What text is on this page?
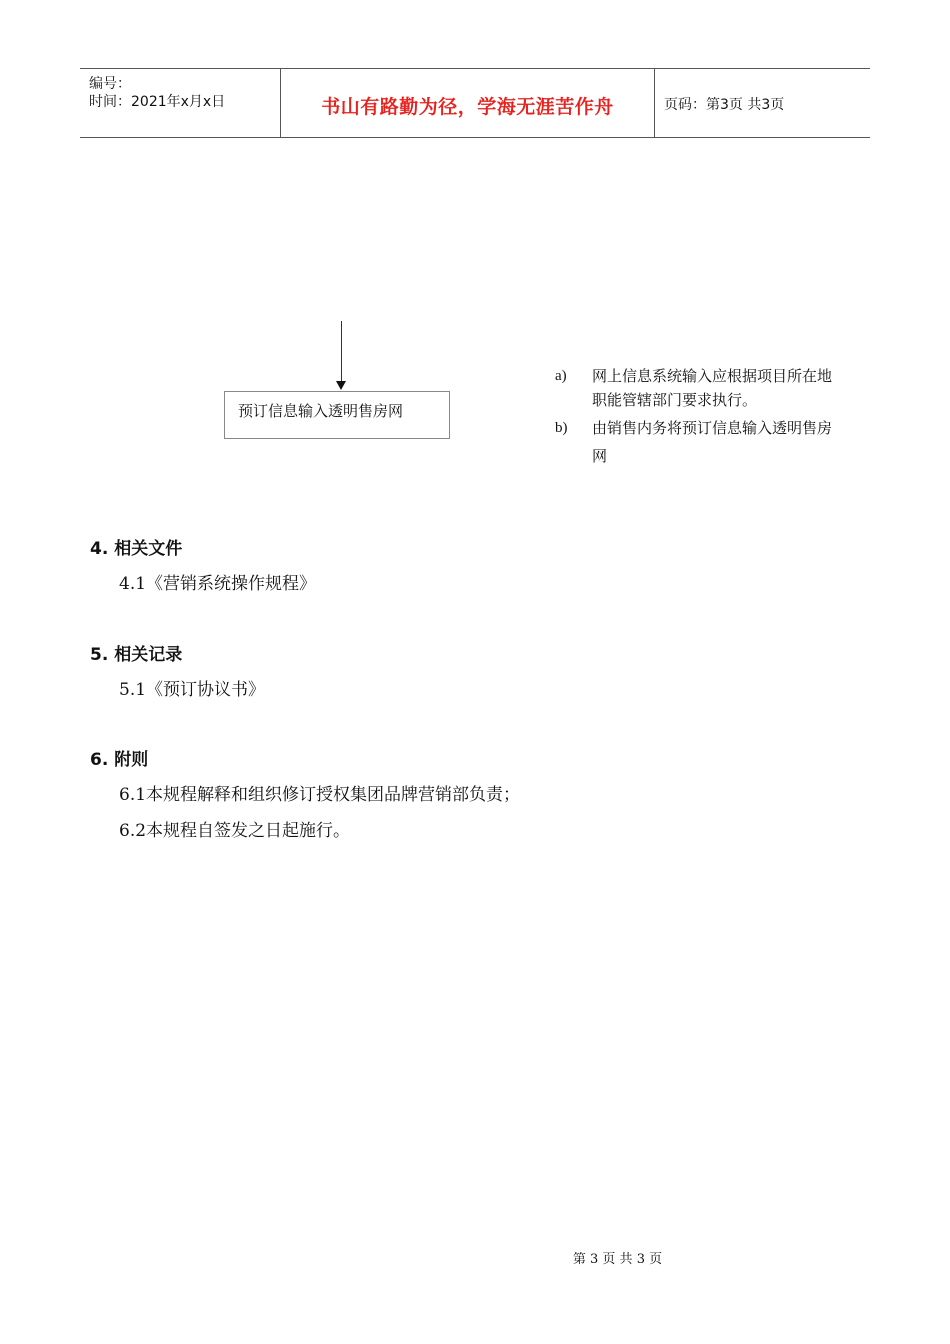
编号：
时间：2021年x月x日	书山有路勤为径，学海无涯苦作舟	页码：第3页 共3页
预订信息输入透明售房网
a) 网上信息系统输入应根据项目所在地职能管辖部门要求执行。
b) 由销售内务将预订信息输入透明售房网
4. 相关文件
4.1《营销系统操作规程》
5. 相关记录
5.1《预订协议书》
6. 附则
6.1本规程解释和组织修订授权集团品牌营销部负责；
6.2本规程自签发之日起施行。
第 3 页 共 3 页
